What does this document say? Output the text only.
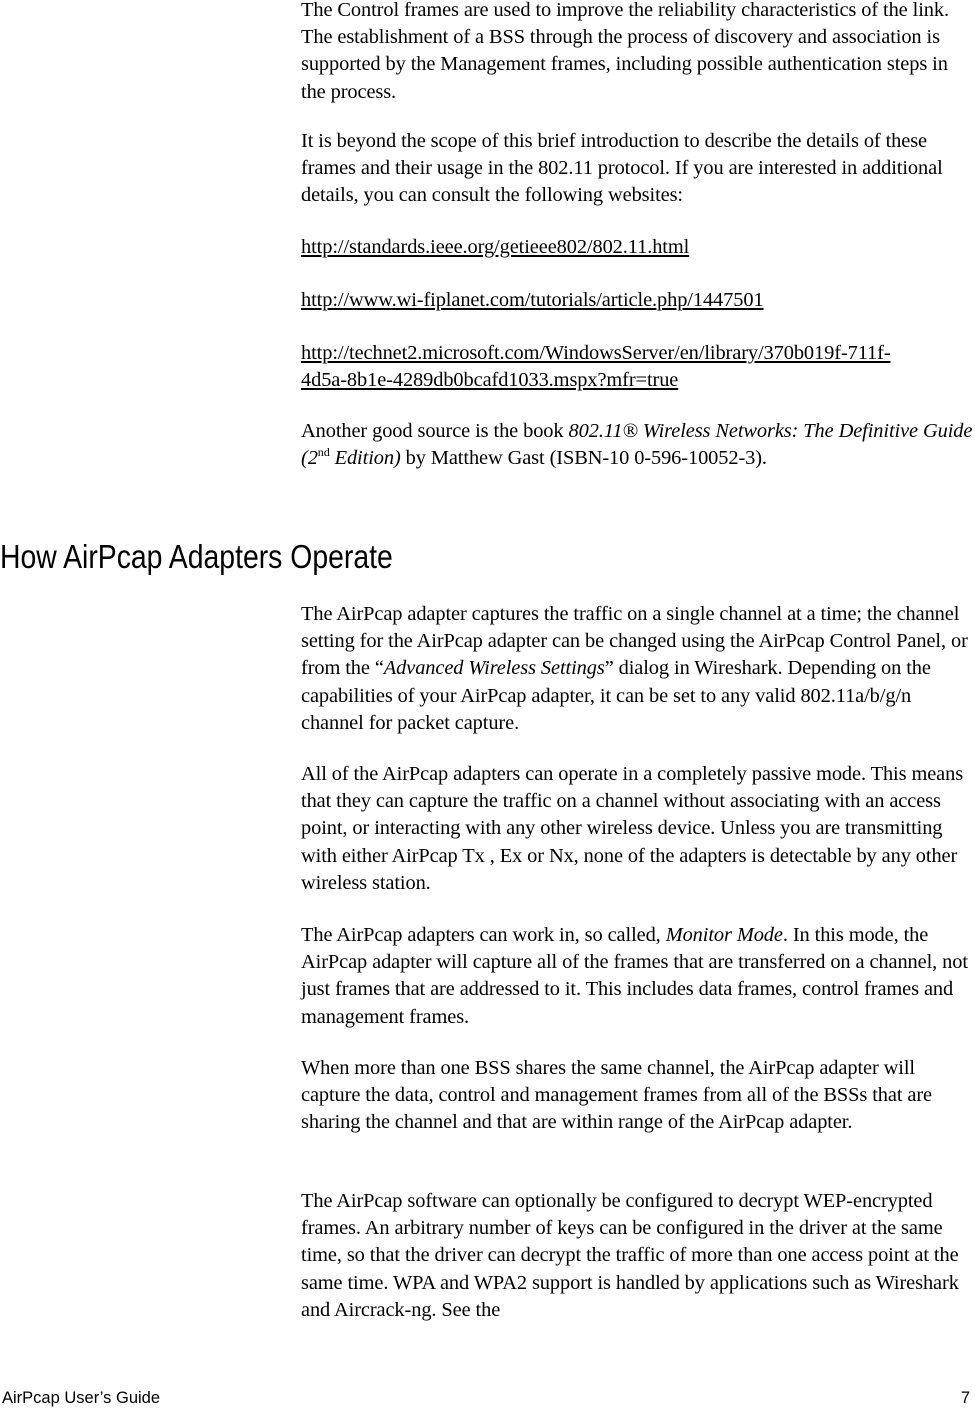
The Control frames are used to improve the reliability characteristics of the link. The establishment of a BSS through the process of discovery and association is supported by the Management frames, including possible authentication steps in the process.

It is beyond the scope of this brief introduction to describe the details of these frames and their usage in the 802.11 protocol. If you are interested in additional details, you can consult the following websites:

http://standards.ieee.org/getieee802/802.11.html

http://www.wi-fiplanet.com/tutorials/article.php/1447501

http://technet2.microsoft.com/WindowsServer/en/library/370b019f-711f-
4d5a-8b1e-4289db0bcafd1033.mspx?mfr=true

Another good source is the book 802.11® Wireless Networks: The Definitive Guide (2nd Edition) by Matthew Gast (ISBN-10 0-596-10052-3).

How AirPcap Adapters Operate

The AirPcap adapter captures the traffic on a single channel at a time; the channel setting for the AirPcap adapter can be changed using the AirPcap Control Panel, or from the “Advanced Wireless Settings” dialog in Wireshark. Depending on the capabilities of your AirPcap adapter, it can be set to any valid 802.11a/b/g/n channel for packet capture.

All of the AirPcap adapters can operate in a completely passive mode. This means that they can capture the traffic on a channel without associating with an access point, or interacting with any other wireless device. Unless you are transmitting with either AirPcap Tx , Ex or Nx, none of the adapters is detectable by any other wireless station.

The AirPcap adapters can work in, so called, Monitor Mode. In this mode, the AirPcap adapter will capture all of the frames that are transferred on a channel, not just frames that are addressed to it. This includes data frames, control frames and management frames.

When more than one BSS shares the same channel, the AirPcap adapter will capture the data, control and management frames from all of the BSSs that are sharing the channel and that are within range of the AirPcap adapter.

The AirPcap software can optionally be configured to decrypt WEP-encrypted frames. An arbitrary number of keys can be configured in the driver at the same time, so that the driver can decrypt the traffic of more than one access point at the same time. WPA and WPA2 support is handled by applications such as Wireshark and Aircrack-ng. See the

AirPcap User’s Guide	7
